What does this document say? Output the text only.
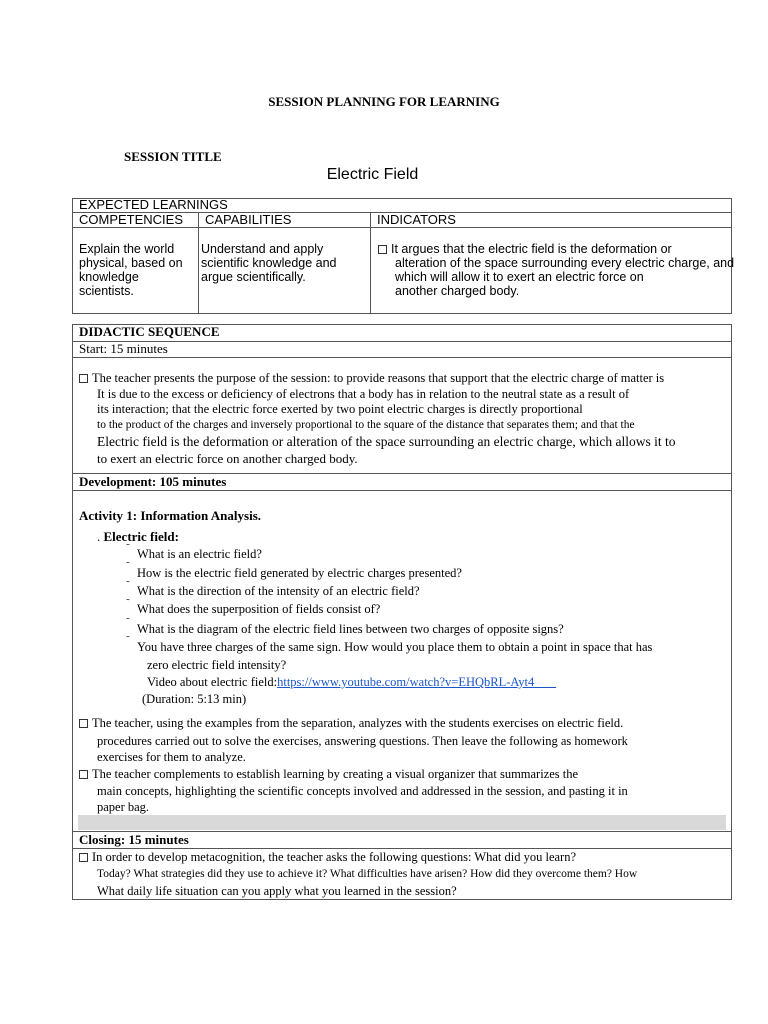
SESSION PLANNING FOR LEARNING
SESSION TITLE
Electric Field
EXPECTED LEARNINGS
COMPETENCIES CAPABILITIES	INDICATORS
Explain the world
physical, based on
knowledge
scientists.
Understand and apply
scientific knowledge and
argue scientifically.
It argues that the electric field is the deformation or
alteration of the space surrounding every electric charge, and
which will allow it to exert an electric force on
another charged body.
DIDACTIC SEQUENCE
Start: 15 minutes
The teacher presents the purpose of the session: to provide reasons that support that the electric charge of matter is
It is due to the excess or deficiency of electrons that a body has in relation to the neutral state as a result of
its interaction; that the electric force exerted by two point electric charges is directly proportional
to the product of the charges and inversely proportional to the square of the distance that separates them; and that the
Electric field is the deformation or alteration of the space surrounding an electric charge, which allows it to
to exert an electric force on another charged body.
Development: 105 minutes
Activity 1: Information Analysis.
. Electric field:
˜ What is an electric field?
˜ How is the electric field generated by electric charges presented?
˜ What is the direction of the intensity of an electric field?
˜ What does the superposition of fields consist of?
˜ What is the diagram of the electric field lines between two charges of opposite signs?
˜ You have three charges of the same sign. How would you place them to obtain a point in space that has
zero electric field intensity?
Video about electric field:https://www.youtube.com/watch?v=EHQbRL-Ayt4
(Duration: 5:13 min)
The teacher, using the examples from the separation, analyzes with the students exercises on electric field.
procedures carried out to solve the exercises, answering questions. Then leave the following as homework
exercises for them to analyze.
The teacher complements to establish learning by creating a visual organizer that summarizes the
main concepts, highlighting the scientific concepts involved and addressed in the session, and pasting it in
paper bag.
Closing: 15 minutes
In order to develop metacognition, the teacher asks the following questions: What did you learn?
Today? What strategies did they use to achieve it? What difficulties have arisen? How did they overcome them? How
What daily life situation can you apply what you learned in the session?
